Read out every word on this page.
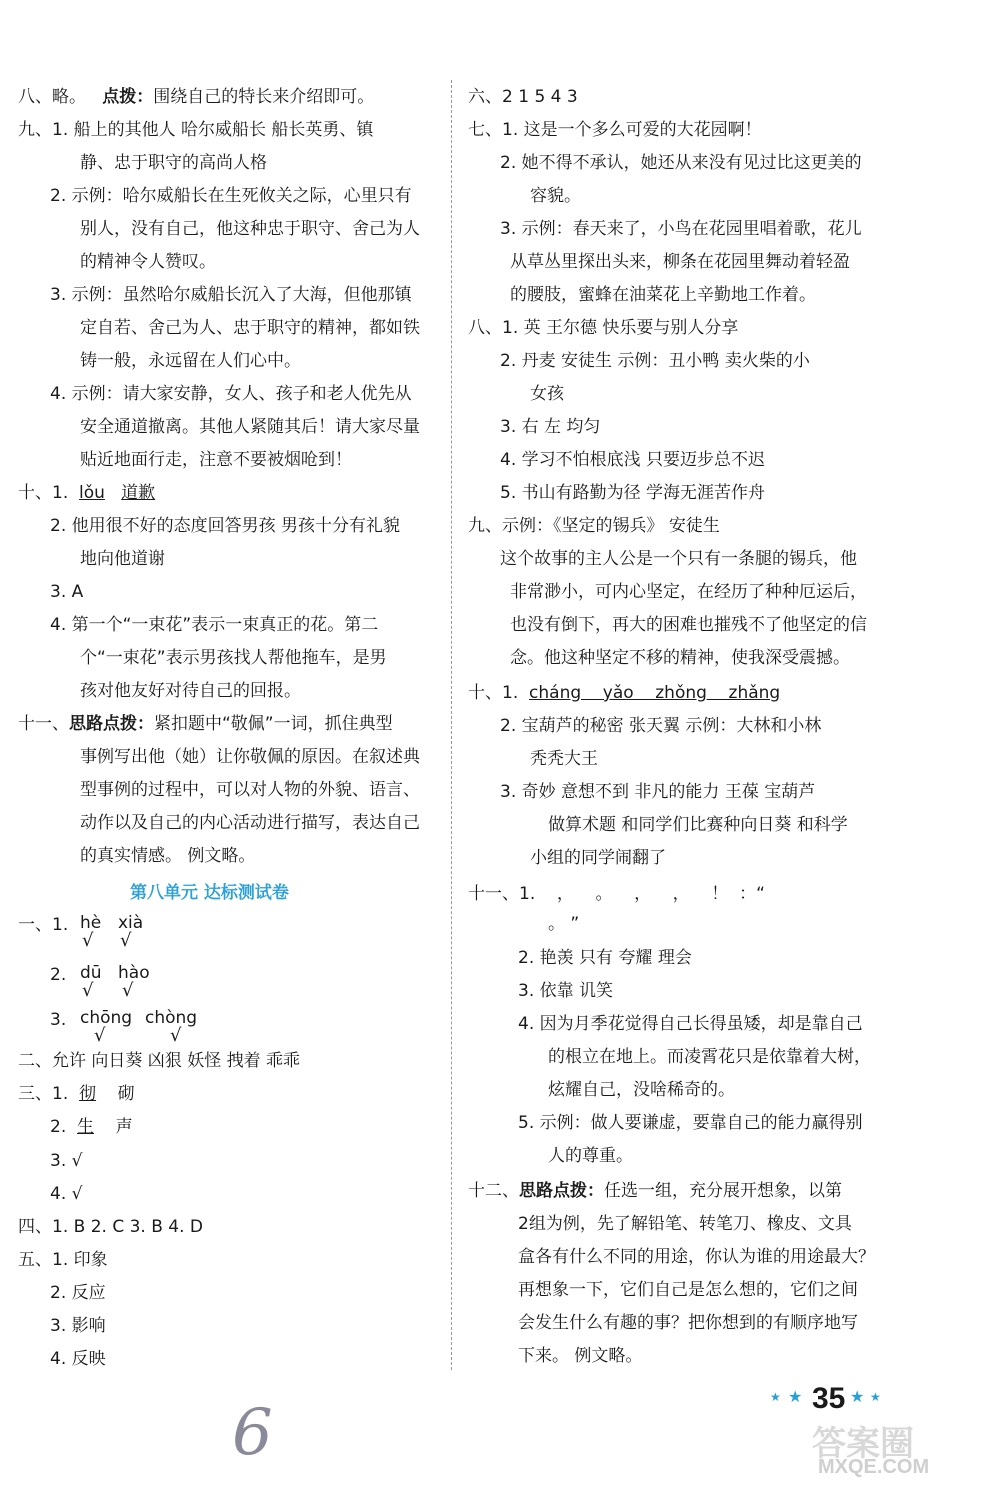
八、略。 点拨：围绕自己的特长来介绍即可。
九、1. 船上的其他人 哈尔威船长 船长英勇、镇
静、忠于职守的高尚人格
2. 示例：哈尔威船长在生死攸关之际，心里只有
别人，没有自己，他这种忠于职守、舍己为人
的精神令人赞叹。
3. 示例：虽然哈尔威船长沉入了大海，但他那镇
定自若、舍己为人、忠于职守的精神，都如铁
铸一般，永远留在人们心中。
4. 示例：请大家安静，女人、孩子和老人优先从
安全通道撤离。其他人紧随其后！请大家尽量
贴近地面行走，注意不要被烟呛到！
十、1. lǒu 道歉
2. 他用很不好的态度回答男孩 男孩十分有礼貌
地向他道谢
3. A
4. 第一个“一束花”表示一束真正的花。第二
个“一束花”表示男孩找人帮他拖车，是男
孩对他友好对待自己的回报。
十一、思路点拨：紧扣题中“敬佩”一词，抓住典型
事例写出他（她）让你敬佩的原因。在叙述典
型事例的过程中，可以对人物的外貌、语言、
动作以及自己的内心活动进行描写，表达自己
的真实情感。 例文略。
第八单元 达标测试卷
一、1. hè xià
√ √
2. dū hào
√ √
3. chōng chòng
√	√
二、允许 向日葵 凶狠 妖怪 拽着 乖乖
三、1. 彻 砌
2. 生 声
3. √
4. √
四、1. B 2. C 3. B 4. D
五、1. 印象
2. 反应
3. 影响
4. 反映
六、2 1 5 4 3
七、1. 这是一个多么可爱的大花园啊！
2. 她不得不承认，她还从来没有见过比这更美的
容貌。
3. 示例：春天来了，小鸟在花园里唱着歌，花儿
从草丛里探出头来，柳条在花园里舞动着轻盈
的腰肢，蜜蜂在油菜花上辛勤地工作着。
八、1. 英 王尔德 快乐要与别人分享
2. 丹麦 安徒生 示例：丑小鸭 卖火柴的小
女孩
3. 右 左 均匀
4. 学习不怕根底浅 只要迈步总不迟
5. 书山有路勤为径 学海无涯苦作舟
九、示例：《坚定的锡兵》 安徒生
这个故事的主人公是一个只有一条腿的锡兵，他
非常渺小，可内心坚定，在经历了种种厄运后，
也没有倒下，再大的困难也摧残不了他坚定的信
念。他这种坚定不移的精神，使我深受震撼。
十、1. cháng    yǎo    zhǒng    zhǎng
2. 宝葫芦的秘密 张天翼 示例：大林和小林
秃秃大王
3. 奇妙 意想不到 非凡的能力 王葆 宝葫芦
做算术题 和同学们比赛种向日葵 和科学
小组的同学闹翻了
十一、1.    ，    。    ，    ，    ！  ：“
。 ”
2. 艳羡 只有 夸耀 理会
3. 依靠 讥笑
4. 因为月季花觉得自己长得虽矮，却是靠自己
的根立在地上。而凌霄花只是依靠着大树，
炫耀自己，没啥稀奇的。
5. 示例：做人要谦虚，要靠自己的能力赢得别
人的尊重。
十二、思路点拨：任选一组，充分展开想象，以第
2组为例，先了解铅笔、转笔刀、橡皮、文具
盒各有什么不同的用途，你认为谁的用途最大？
再想象一下，它们自己是怎么想的，它们之间
会发生什么有趣的事？把你想到的有顺序地写
下来。 例文略。
★ ★ 35 ★ ★
6	答案圈
MXQE.COM
